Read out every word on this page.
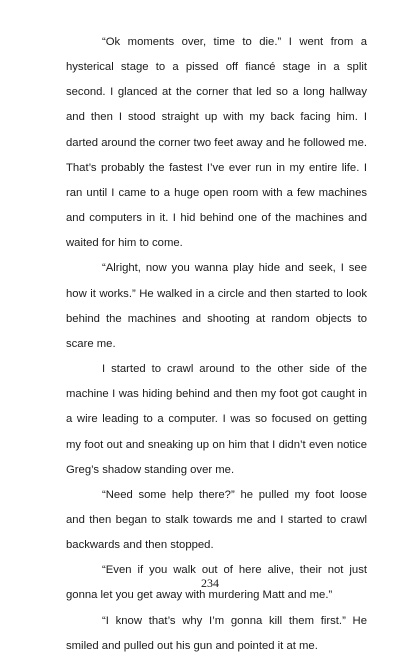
“Ok moments over, time to die.” I went from a hysterical stage to a pissed off fiancé stage in a split second. I glanced at the corner that led so a long hallway and then I stood straight up with my back facing him. I darted around the corner two feet away and he followed me. That’s probably the fastest I’ve ever run in my entire life. I ran until I came to a huge open room with a few machines and computers in it. I hid behind one of the machines and waited for him to come.

“Alright, now you wanna play hide and seek, I see how it works.” He walked in a circle and then started to look behind the machines and shooting at random objects to scare me.

I started to crawl around to the other side of the machine I was hiding behind and then my foot got caught in a wire leading to a computer. I was so focused on getting my foot out and sneaking up on him that I didn’t even notice Greg’s shadow standing over me.

“Need some help there?” he pulled my foot loose and then began to stalk towards me and I started to crawl backwards and then stopped.

“Even if you walk out of here alive, their not just gonna let you get away with murdering Matt and me.”

“I know that’s why I’m gonna kill them first.” He smiled and pulled out his gun and pointed it at me.

234
